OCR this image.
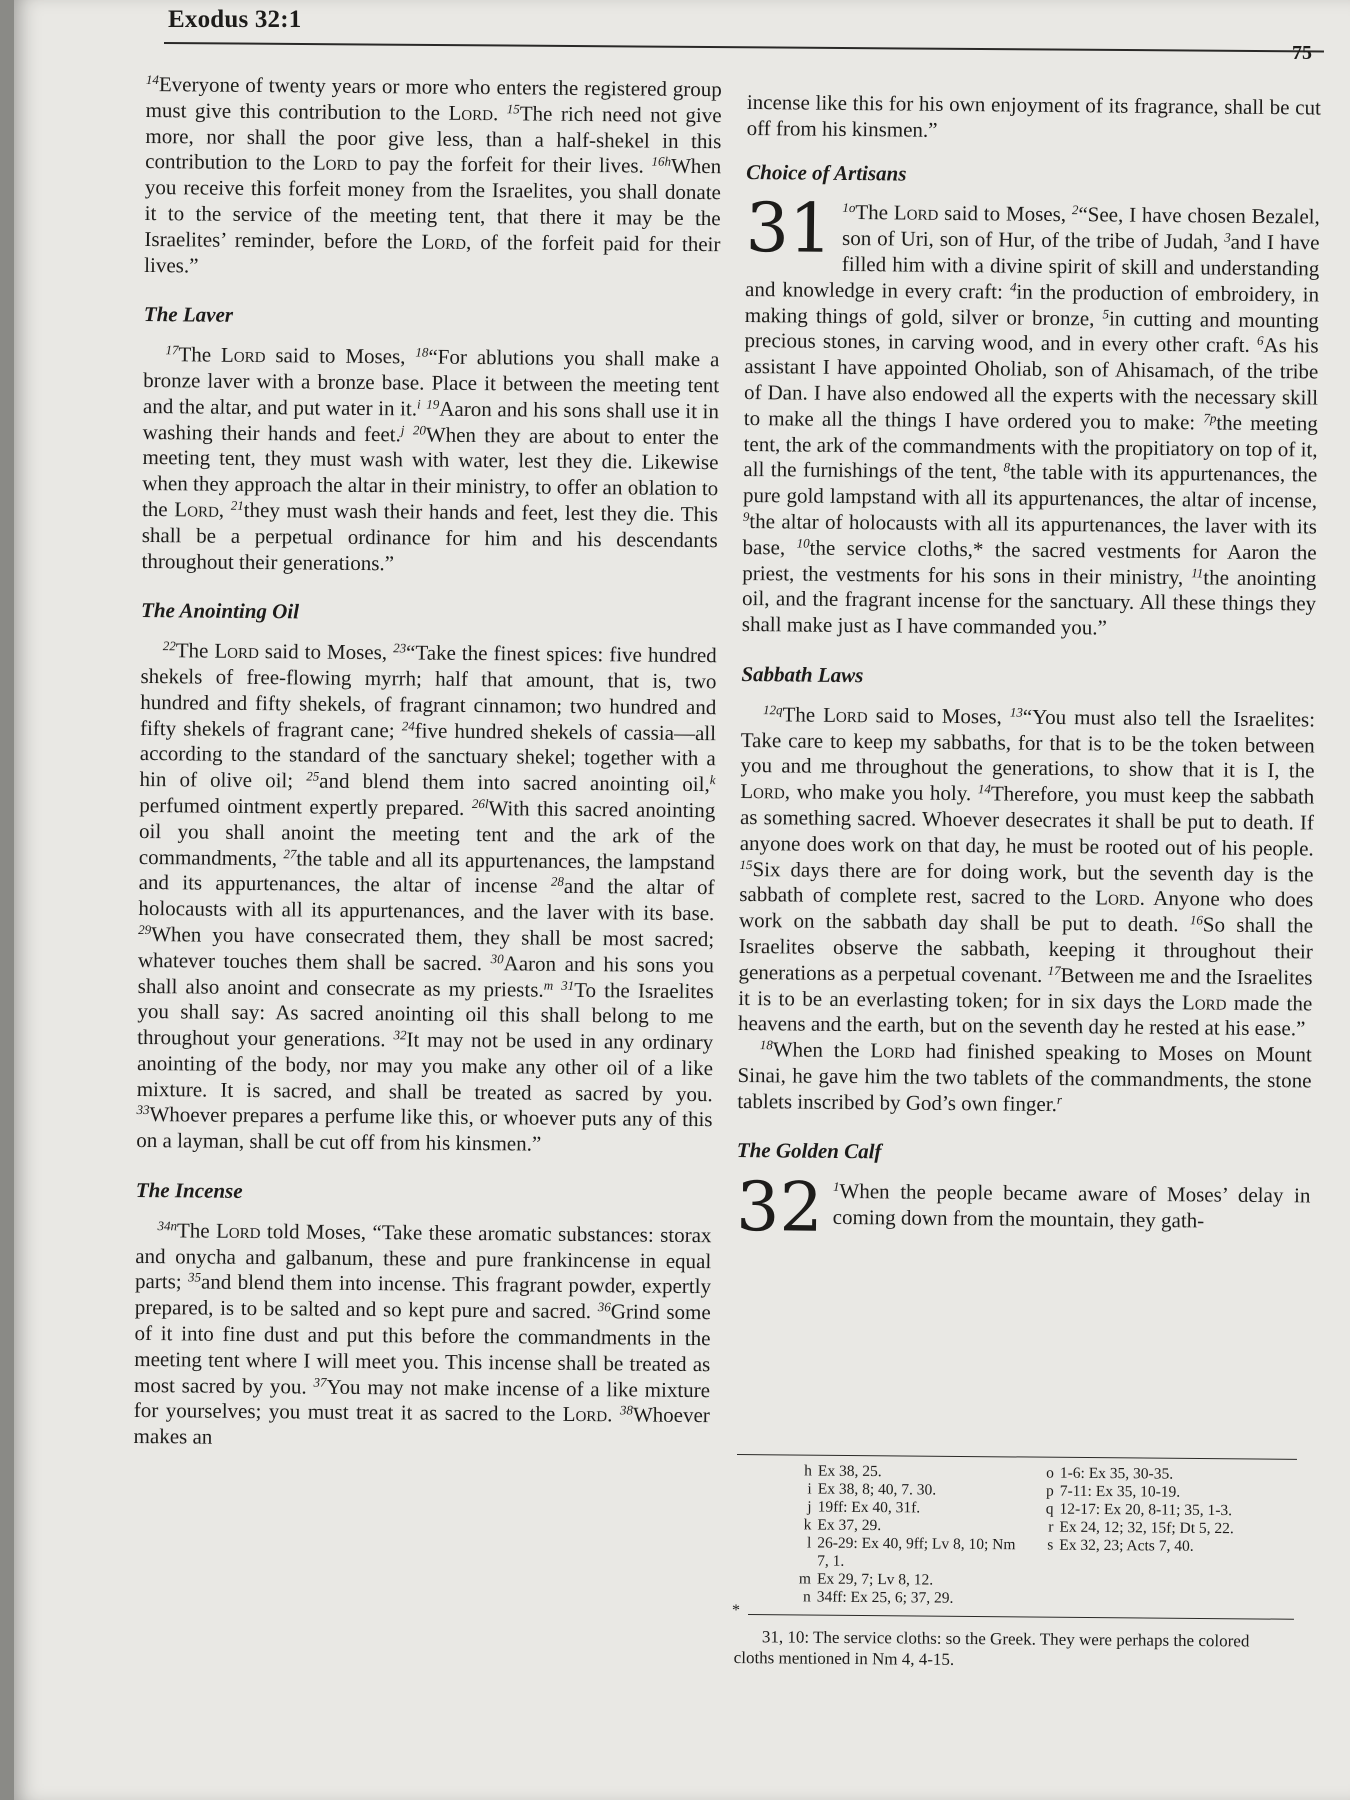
Exodus 32:1
75

$^{14}$Everyone of twenty years or more who enters the registered group must give this contribution to the Lord. $^{15}$The rich need not give more, nor shall the poor give less, than a half-shekel in this contribution to the Lord to pay the forfeit for their lives. $^{16h}$When you receive this forfeit money from the Israelites, you shall donate it to the service of the meeting tent, that there it may be the Israelites’ reminder, before the Lord, of the forfeit paid for their lives.”

The Laver

$^{17}$The Lord said to Moses, $^{18}$“For ablutions you shall make a bronze laver with a bronze base. Place it between the meeting tent and the altar, and put water in it.$^i$ $^{19}$Aaron and his sons shall use it in washing their hands and feet.$^j$ $^{20}$When they are about to enter the meeting tent, they must wash with water, lest they die. Likewise when they approach the altar in their ministry, to offer an oblation to the Lord, $^{21}$they must wash their hands and feet, lest they die. This shall be a perpetual ordinance for him and his descendants throughout their generations.”

The Anointing Oil

$^{22}$The Lord said to Moses, $^{23}$“Take the finest spices: five hundred shekels of free-flowing myrrh; half that amount, that is, two hundred and fifty shekels, of fragrant cinnamon; two hundred and fifty shekels of fragrant cane; $^{24}$five hundred shekels of cassia—all according to the standard of the sanctuary shekel; together with a hin of olive oil; $^{25}$and blend them into sacred anointing oil,$^k$ perfumed ointment expertly prepared. $^{26l}$With this sacred anointing oil you shall anoint the meeting tent and the ark of the commandments, $^{27}$the table and all its appurtenances, the lampstand and its appurtenances, the altar of incense $^{28}$and the altar of holocausts with all its appurtenances, and the laver with its base. $^{29}$When you have consecrated them, they shall be most sacred; whatever touches them shall be sacred. $^{30}$Aaron and his sons you shall also anoint and consecrate as my priests.$^m$ $^{31}$To the Israelites you shall say: As sacred anointing oil this shall belong to me throughout your generations. $^{32}$It may not be used in any ordinary anointing of the body, nor may you make any other oil of a like mixture. It is sacred, and shall be treated as sacred by you. $^{33}$Whoever prepares a perfume like this, or whoever puts any of this on a layman, shall be cut off from his kinsmen.”

The Incense

$^{34n}$The Lord told Moses, “Take these aromatic substances: storax and onycha and galbanum, these and pure frankincense in equal parts; $^{35}$and blend them into incense. This fragrant powder, expertly prepared, is to be salted and so kept pure and sacred. $^{36}$Grind some of it into fine dust and put this before the commandments in the meeting tent where I will meet you. This incense shall be treated as most sacred by you. $^{37}$You may not make incense of a like mixture for yourselves; you must treat it as sacred to the Lord. $^{38}$Whoever makes an

incense like this for his own enjoyment of its fragrance, shall be cut off from his kinsmen.”

Choice of Artisans

31 $^{1o}$The Lord said to Moses, $^2$“See, I have chosen Bezalel, son of Uri, son of Hur, of the tribe of Judah, $^3$and I have filled him with a divine spirit of skill and understanding and knowledge in every craft: $^4$in the production of embroidery, in making things of gold, silver or bronze, $^5$in cutting and mounting precious stones, in carving wood, and in every other craft. $^6$As his assistant I have appointed Oholiab, son of Ahisamach, of the tribe of Dan. I have also endowed all the experts with the necessary skill to make all the things I have ordered you to make: $^{7p}$the meeting tent, the ark of the commandments with the propitiatory on top of it, all the furnishings of the tent, $^8$the table with its appurtenances, the pure gold lampstand with all its appurtenances, the altar of incense, $^9$the altar of holocausts with all its appurtenances, the laver with its base, $^{10}$the service cloths,* the sacred vestments for Aaron the priest, the vestments for his sons in their ministry, $^{11}$the anointing oil, and the fragrant incense for the sanctuary. All these things they shall make just as I have commanded you.”

Sabbath Laws

$^{12q}$The Lord said to Moses, $^{13}$“You must also tell the Israelites: Take care to keep my sabbaths, for that is to be the token between you and me throughout the generations, to show that it is I, the Lord, who make you holy. $^{14}$Therefore, you must keep the sabbath as something sacred. Whoever desecrates it shall be put to death. If anyone does work on that day, he must be rooted out of his people. $^{15}$Six days there are for doing work, but the seventh day is the sabbath of complete rest, sacred to the Lord. Anyone who does work on the sabbath day shall be put to death. $^{16}$So shall the Israelites observe the sabbath, keeping it throughout their generations as a perpetual covenant. $^{17}$Between me and the Israelites it is to be an everlasting token; for in six days the Lord made the heavens and the earth, but on the seventh day he rested at his ease.”

$^{18}$When the Lord had finished speaking to Moses on Mount Sinai, he gave him the two tablets of the commandments, the stone tablets inscribed by God’s own finger.$^r$

The Golden Calf

32 $^1$When the people became aware of Moses’ delay in coming down from the mountain, they gath-

h Ex 38, 25.
i Ex 38, 8; 40, 7. 30.
j 19ff: Ex 40, 31f.
k Ex 37, 29.
l 26-29: Ex 40, 9ff; Lv 8, 10; Nm 7, 1.
m Ex 29, 7; Lv 8, 12.
n 34ff: Ex 25, 6; 37, 29.
o 1-6: Ex 35, 30-35.
p 7-11: Ex 35, 10-19.
q 12-17: Ex 20, 8-11; 35, 1-3.
r Ex 24, 12; 32, 15f; Dt 5, 22.
s Ex 32, 23; Acts 7, 40.
*
31, 10: The service cloths: so the Greek. They were perhaps the colored cloths mentioned in Nm 4, 4-15.
